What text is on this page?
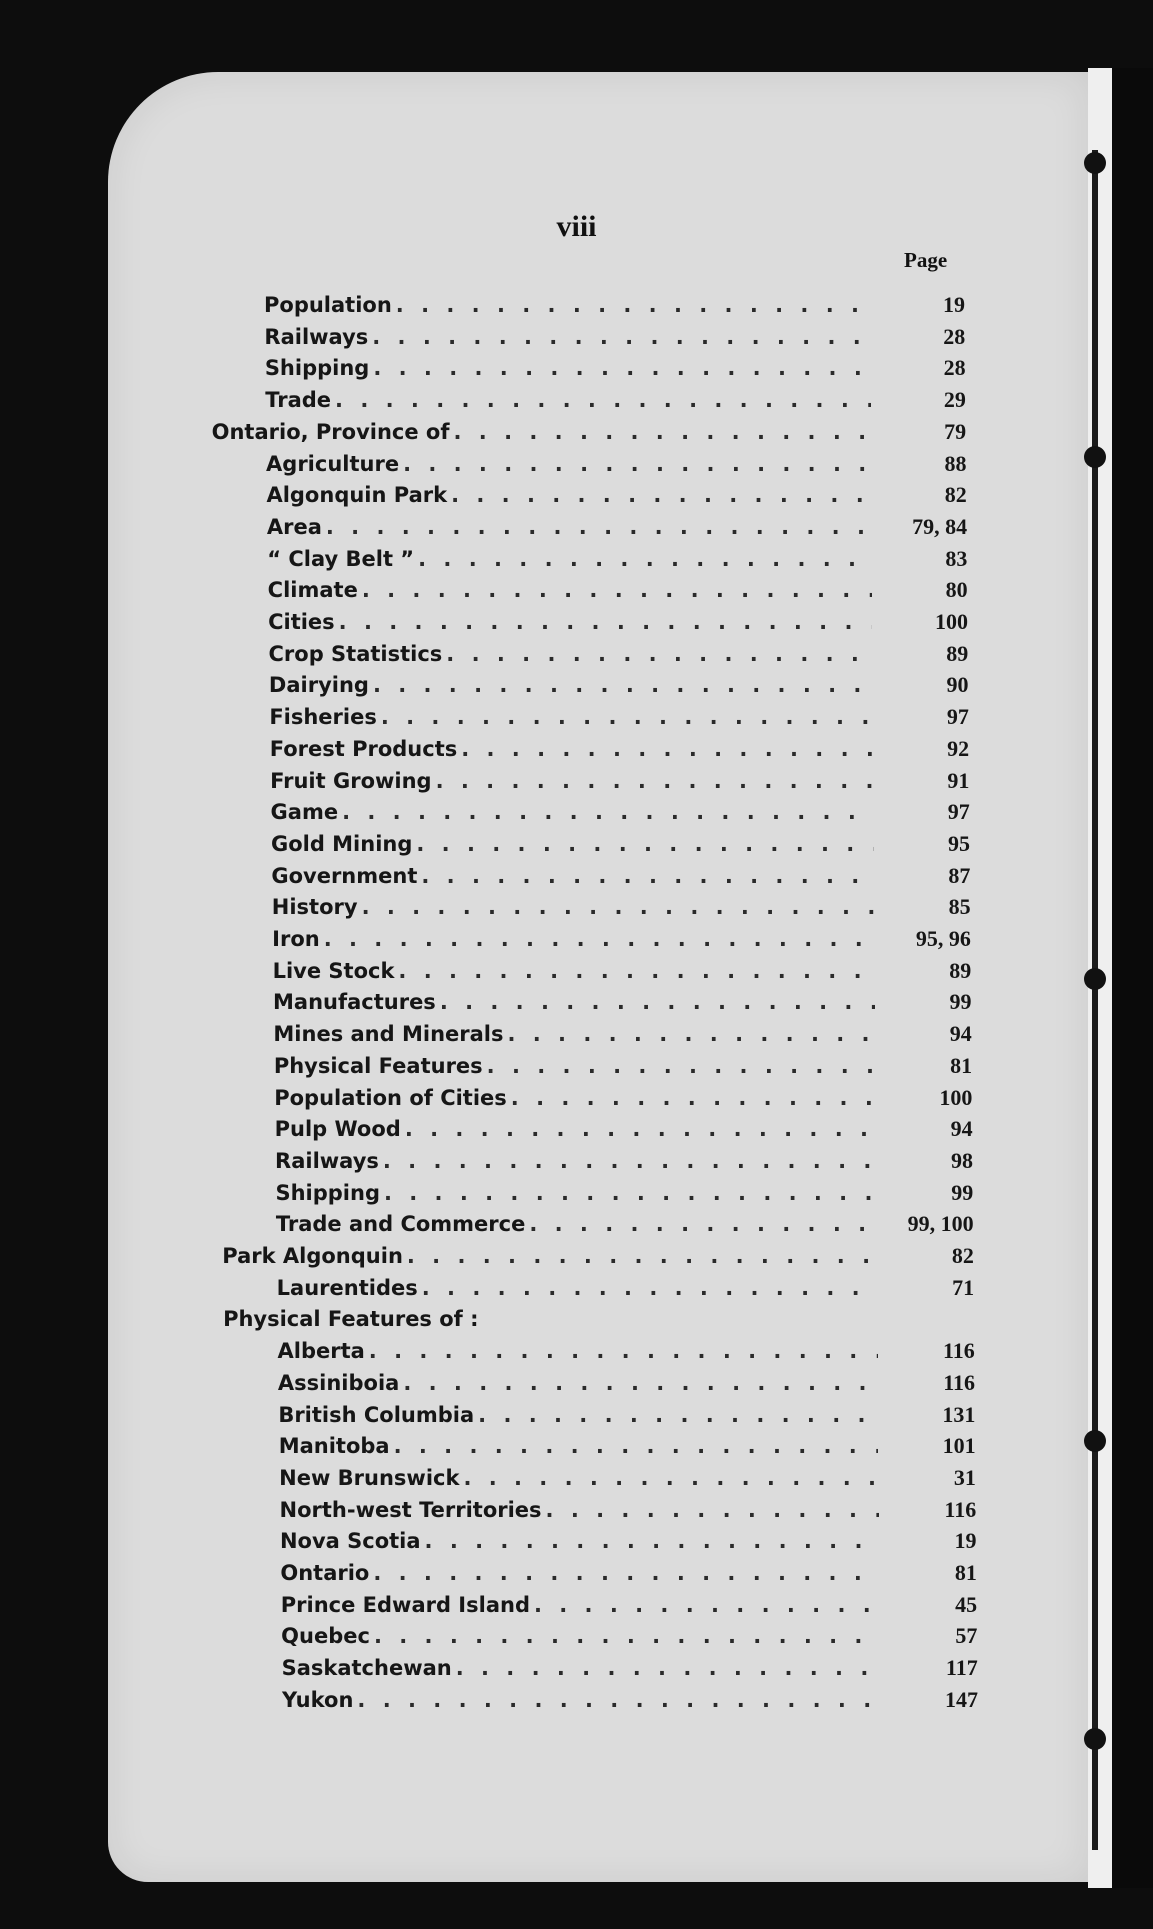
viii
Page
Population . . .	19
Railways . . .	28
Shipping . . .	28
Trade . . .	29
Ontario, Province of . . .	79
Agriculture . . .	88
Algonquin Park . . .	82
Area . . .	79, 84
“ Clay Belt ” . . .	83
Climate . . .	80
Cities . . .	100
Crop Statistics . . .	89
Dairying . . .	90
Fisheries . . .	97
Forest Products . . .	92
Fruit Growing . . .	91
Game . . .	97
Gold Mining . . .	95
Government . . .	87
History . . .	85
Iron . . .	95, 96
Live Stock . . .	89
Manufactures . . .	99
Mines and Minerals . . .	94
Physical Features . . .	81
Population of Cities . . .	100
Pulp Wood . . .	94
Railways . . .	98
Shipping . . .	99
Trade and Commerce . . .	99, 100
Park Algonquin . . .	82
Laurentides . . .	71
Physical Features of :
Alberta . . .	116
Assiniboia . . .	116
British Columbia . . .	131
Manitoba . . .	101
New Brunswick . . .	31
North-west Territories . . .	116
Nova Scotia . . .	19
Ontario . . .	81
Prince Edward Island . . .	45
Quebec . . .	57
Saskatchewan . . .	117
Yukon . . .	147
